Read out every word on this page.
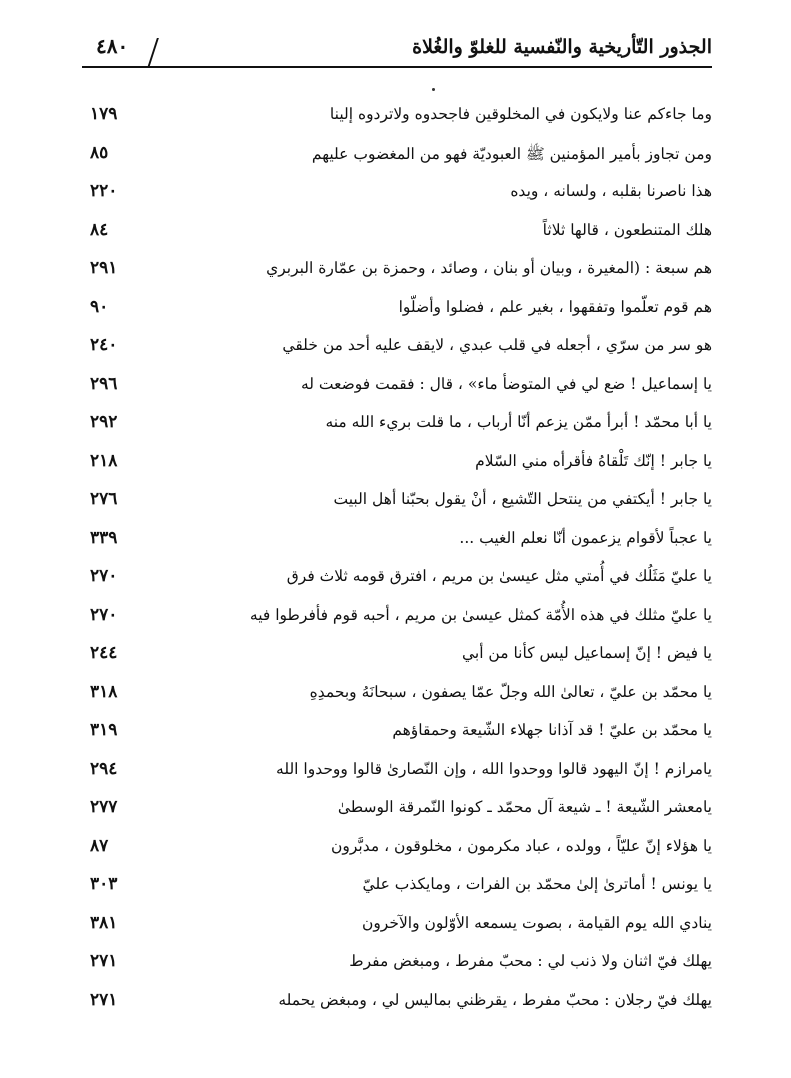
الجذور التّأريخية والنّفسية للغلوّ والغُلاة
٤٨٠
وما جاءكم عنا ولايكون في المخلوقين فاجحدوه ولاتردوه إلينا
١٧٩
ومن تجاوز بأمير المؤمنين ﷺ العبوديّة فهو من المغضوب عليهم
٨٥
هذا ناصرنا بقلبه ، ولسانه ، ويده
٢٢٠
هلك المتنطعون ، قالها ثلاثاً
٨٤
هم سبعة : (المغيرة ، وبيان أو بنان ، وصائد ، وحمزة بن عمّارة البربري
٢٩١
هم قوم تعلّموا وتفقهوا ، بغير علم ، فضلوا وأضلّوا
٩٠
هو سر من سرّي ، أجعله في قلب عبدي ، لايقف عليه أحد من خلقي
٢٤٠
يا إسماعيل ! ضع لي في المتوضأ ماء» ، قال : فقمت فوضعت له
٢٩٦
يا أبا محمّد ! أبرأ ممّن يزعم أنّا أرباب ، ما قلت بريء الله منه
٢٩٢
يا جابر ! إنّك تَلْقاهُ فأقرأه مني السّلام
٢١٨
يا جابر ! أيكتفي من ينتحل التّشيع ، أنْ يقول بحبّنا أهل البيت
٢٧٦
يا عجباً لأقوام يزعمون أنّا نعلم الغيب ...
٣٣٩
يا عليّ مَثَلُك في أُمتي مثل عيسىٰ بن مريم ، افترق قومه ثلاث فرق
٢٧٠
يا عليّ مثلك في هذه الأُمّة كمثل عيسىٰ بن مريم ، أحبه قوم فأفرطوا فيه
٢٧٠
يا فيض ! إنّ إسماعيل ليس كأنا من أبي
٢٤٤
يا محمّد بن عليّ ، تعالىٰ الله وجلّ عمّا يصفون ، سبحانَهُ وبحمدِهِ
٣١٨
يا محمّد بن عليّ ! قد آذانا جهلاء الشّيعة وحمقاؤهم
٣١٩
يامرازم ! إنّ اليهود قالوا ووحدوا الله ، وإن النّصارىٰ قالوا ووحدوا الله
٢٩٤
يامعشر الشّيعة ! ـ شيعة آل محمّد ـ كونوا النّمرقة الوسطىٰ
٢٧٧
يا هؤلاء إنّ عليّاً ، وولده ، عباد مكرمون ، مخلوقون ، مدبَّرون
٨٧
يا يونس ! أماترىٰ إلىٰ محمّد بن الفرات ، ومايكذب عليّ
٣٠٣
ينادي الله يوم القيامة ، بصوت يسمعه الأوّلون والآخرون
٣٨١
يهلك فيّ اثنان ولا ذنب لي : محبّ مفرط ، ومبغض مفرط
٢٧١
يهلك فيّ رجلان : محبّ مفرط ، يقرظني بماليس لي ، ومبغض يحمله
٢٧١
